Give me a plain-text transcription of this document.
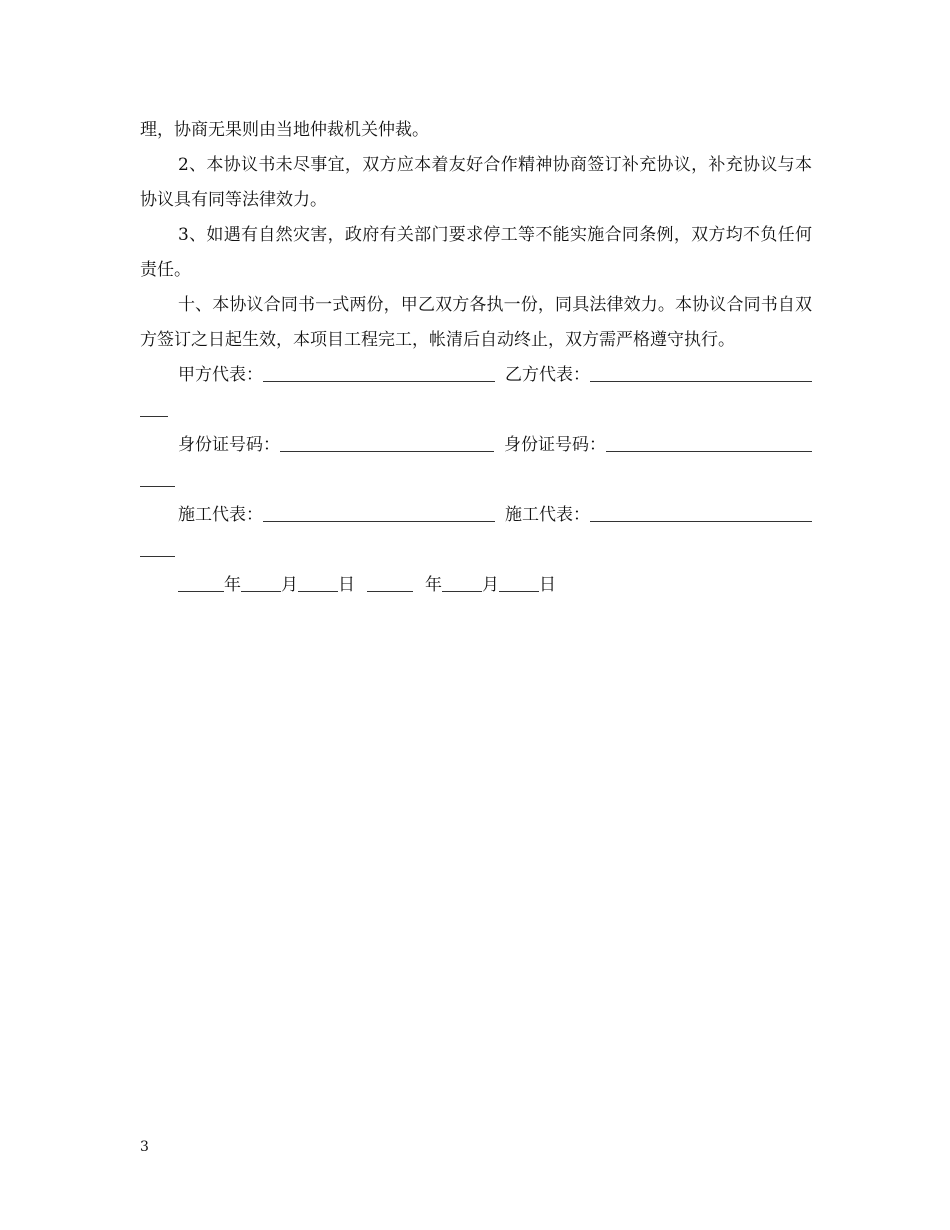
理，协商无果则由当地仲裁机关仲裁。

2、本协议书未尽事宜，双方应本着友好合作精神协商签订补充协议，补充协议与本协议具有同等法律效力。

3、如遇有自然灾害，政府有关部门要求停工等不能实施合同条例，双方均不负任何责任。

十、本协议合同书一式两份，甲乙双方各执一份，同具法律效力。本协议合同书自双方签订之日起生效，本项目工程完工，帐清后自动终止，双方需严格遵守执行。

甲方代表：	乙方代表：
身份证号码：	身份证号码：
施工代表：	施工代表：
年 月 日	年 月 日
3
